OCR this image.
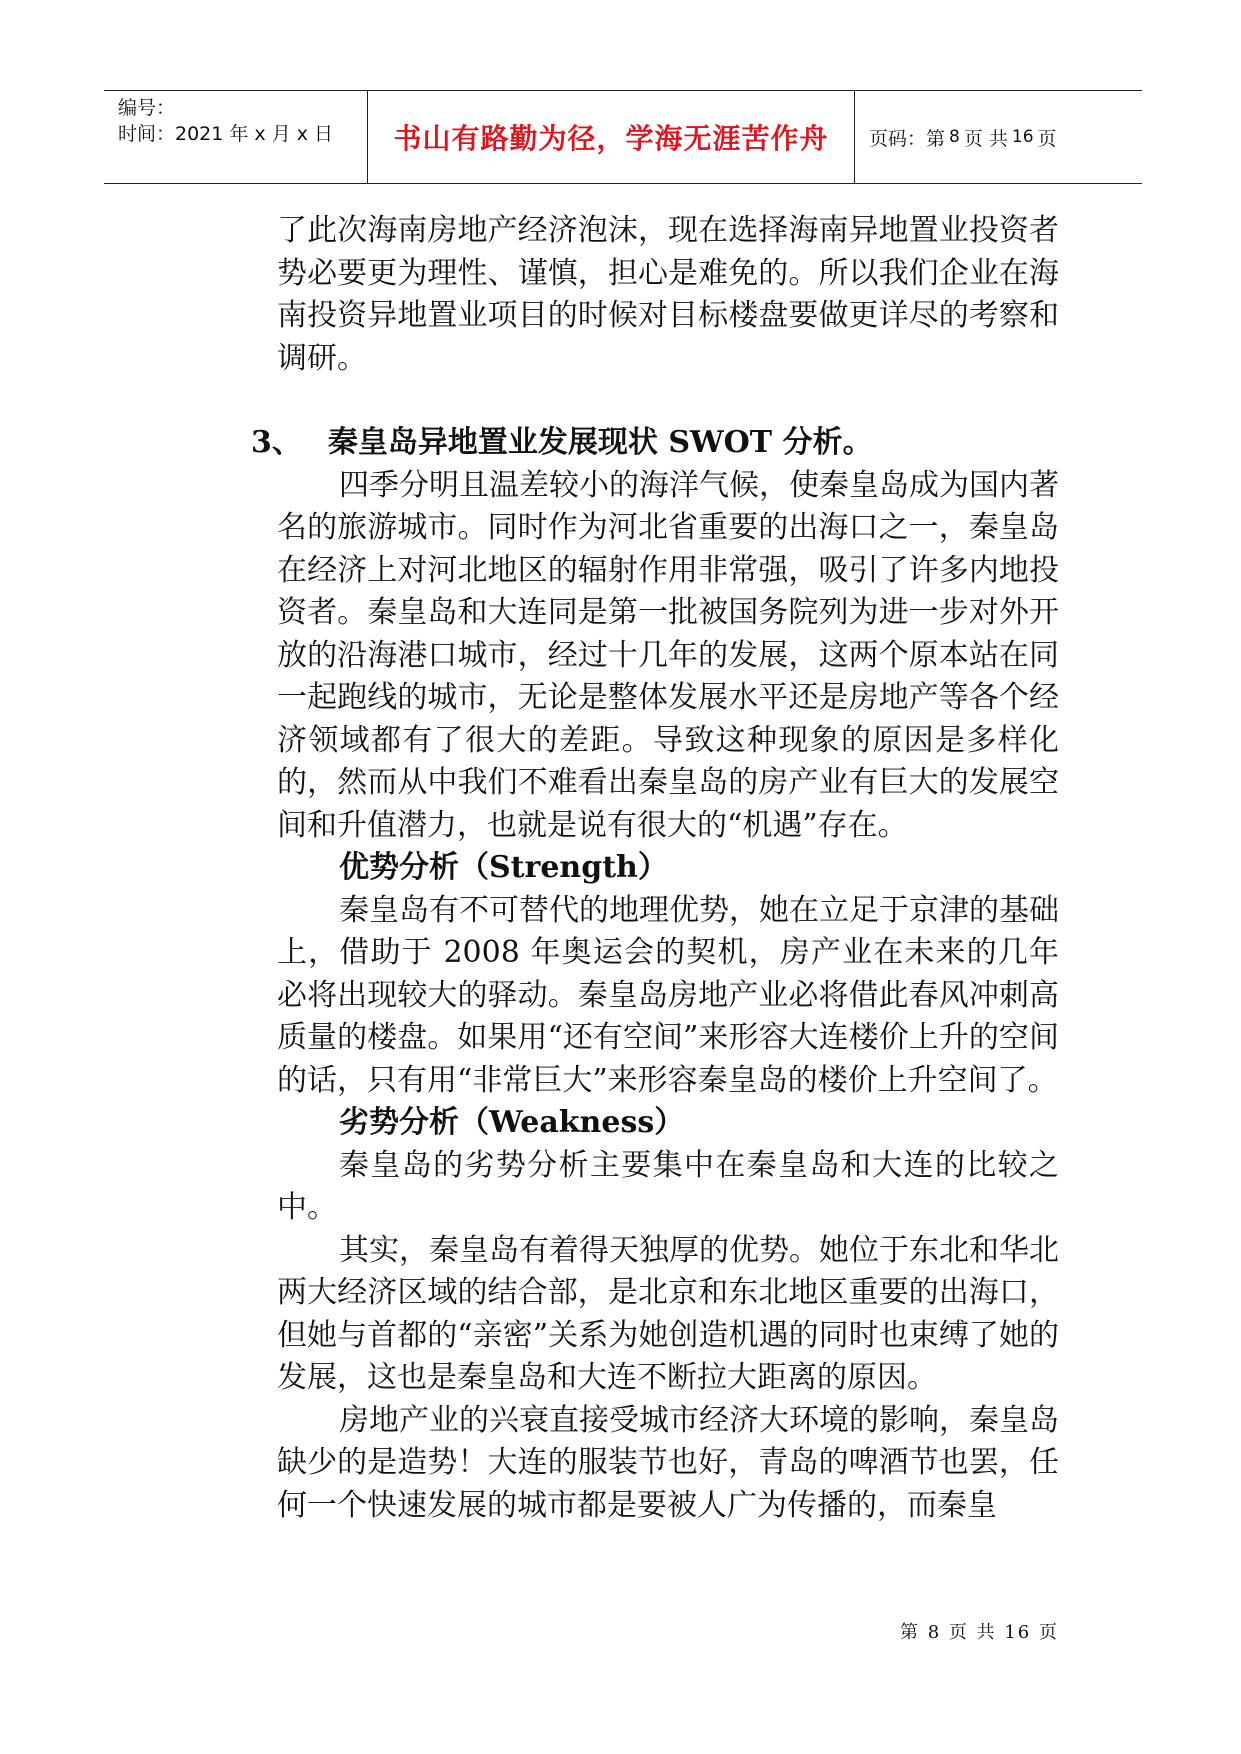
编号：
时间：2021 年 x 月 x 日	书山有路勤为径，学海无涯苦作舟 页码：第 8 页 共 16 页

了此次海南房地产经济泡沫，现在选择海南异地置业投资者势必要更为理性、谨慎，担心是难免的。所以我们企业在海南投资异地置业项目的时候对目标楼盘要做更详尽的考察和调研。

3、 秦皇岛异地置业发展现状 SWOT 分析。

四季分明且温差较小的海洋气候，使秦皇岛成为国内著名的旅游城市。同时作为河北省重要的出海口之一，秦皇岛在经济上对河北地区的辐射作用非常强，吸引了许多内地投资者。秦皇岛和大连同是第一批被国务院列为进一步对外开放的沿海港口城市，经过十几年的发展，这两个原本站在同一起跑线的城市，无论是整体发展水平还是房地产等各个经济领域都有了很大的差距。导致这种现象的原因是多样化的，然而从中我们不难看出秦皇岛的房产业有巨大的发展空间和升值潜力，也就是说有很大的“机遇”存在。

优势分析（Strength）

秦皇岛有不可替代的地理优势，她在立足于京津的基础上，借助于 2008 年奥运会的契机，房产业在未来的几年必将出现较大的驿动。秦皇岛房地产业必将借此春风冲刺高质量的楼盘。如果用“还有空间”来形容大连楼价上升的空间的话，只有用“非常巨大”来形容秦皇岛的楼价上升空间了。

劣势分析（Weakness）

秦皇岛的劣势分析主要集中在秦皇岛和大连的比较之中。

其实，秦皇岛有着得天独厚的优势。她位于东北和华北两大经济区域的结合部，是北京和东北地区重要的出海口，但她与首都的“亲密”关系为她创造机遇的同时也束缚了她的发展，这也是秦皇岛和大连不断拉大距离的原因。

房地产业的兴衰直接受城市经济大环境的影响，秦皇岛缺少的是造势！大连的服装节也好，青岛的啤酒节也罢，任何一个快速发展的城市都是要被人广为传播的，而秦皇

第 8 页 共 16 页
